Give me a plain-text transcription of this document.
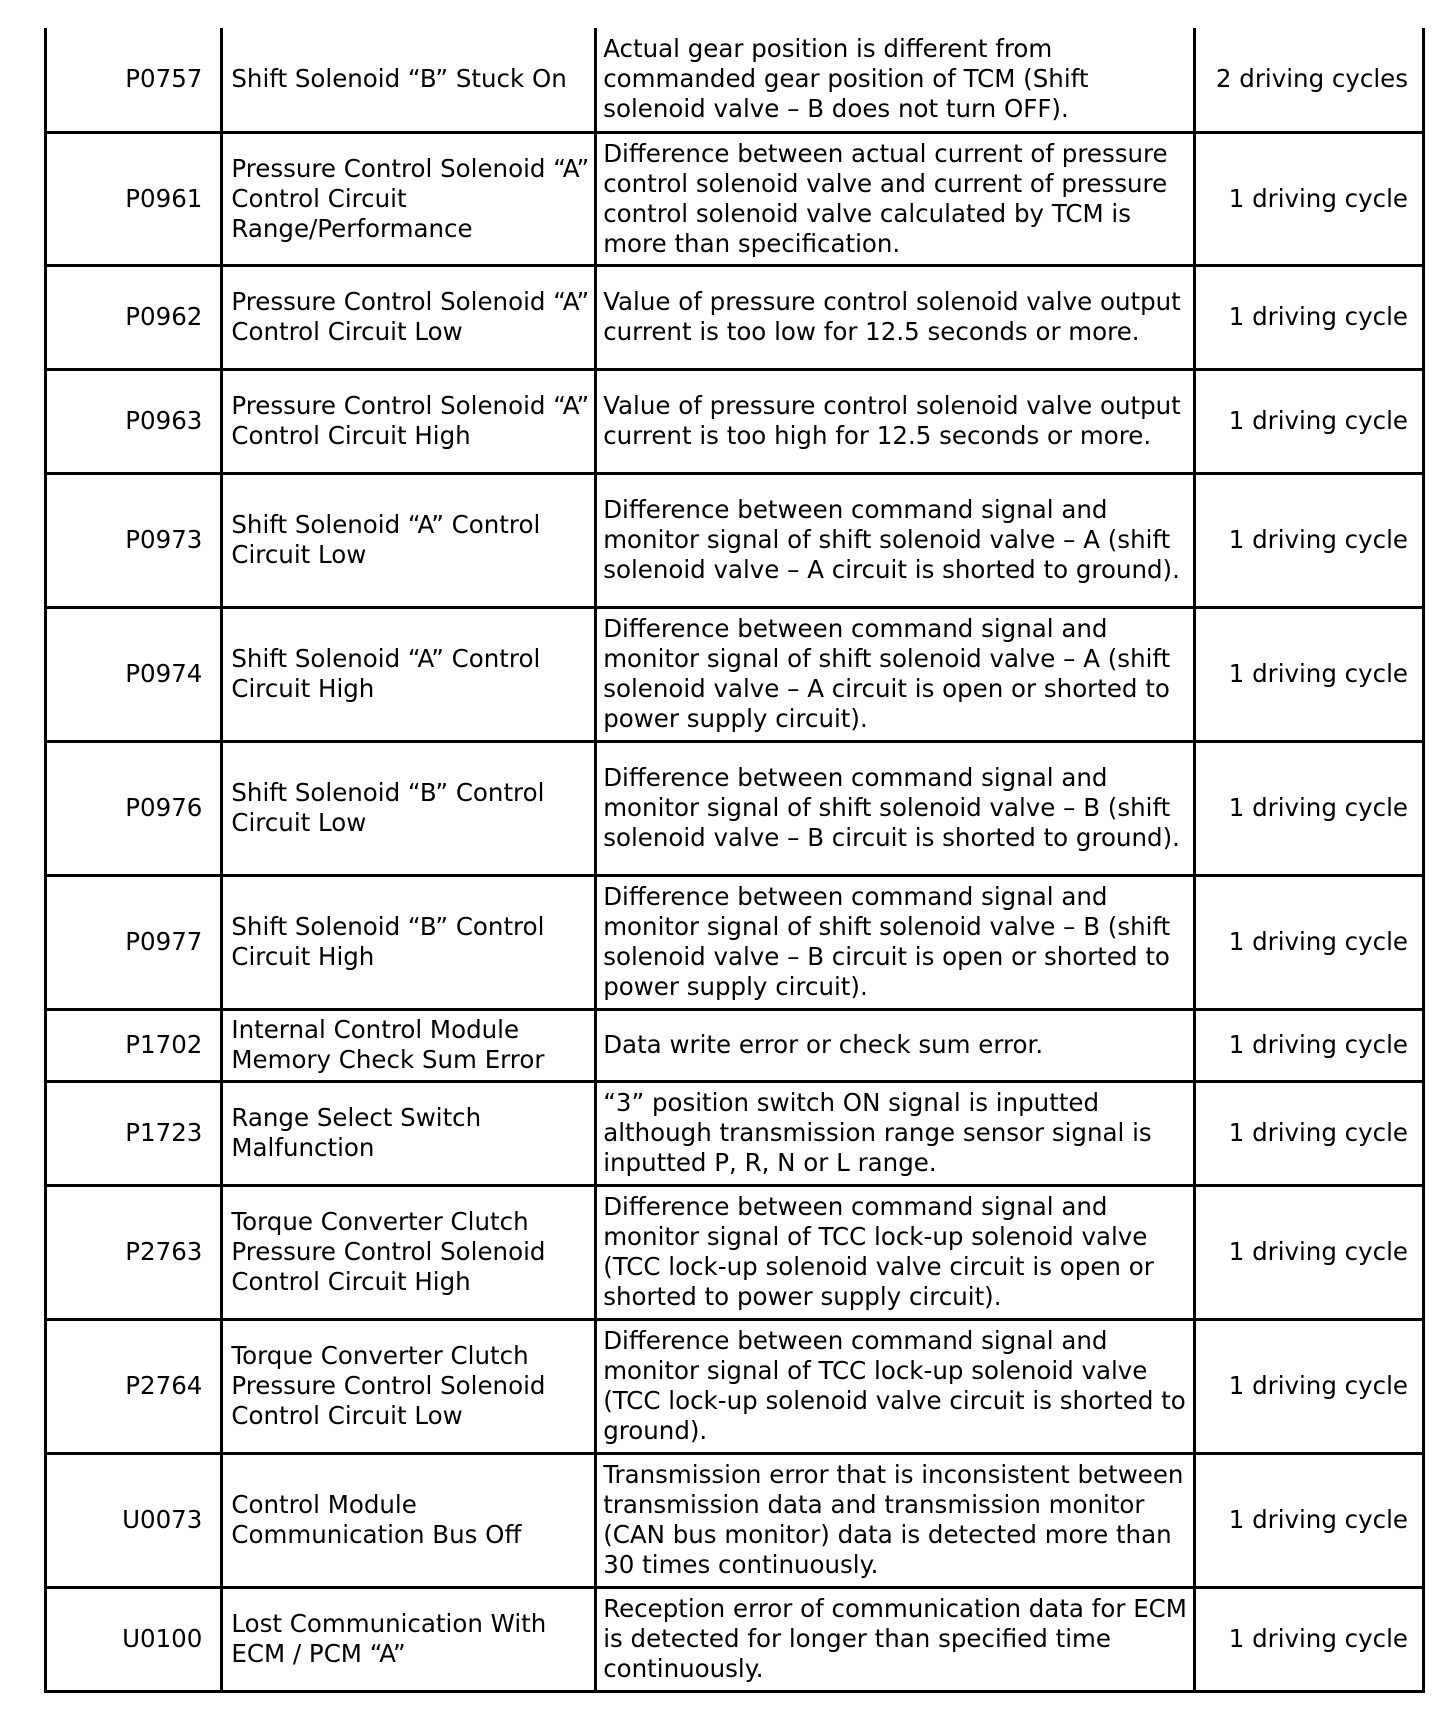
P0757	Shift Solenoid “B” Stuck On	Actual gear position is different from commanded gear position of TCM (Shift solenoid valve – B does not turn OFF).	2 driving cycles
P0961	Pressure Control Solenoid “A” Control Circuit Range/Performance	Difference between actual current of pressure control solenoid valve and current of pressure control solenoid valve calculated by TCM is more than specification.	1 driving cycle
P0962	Pressure Control Solenoid “A” Control Circuit Low	Value of pressure control solenoid valve output current is too low for 12.5 seconds or more.	1 driving cycle
P0963	Pressure Control Solenoid “A” Control Circuit High	Value of pressure control solenoid valve output current is too high for 12.5 seconds or more.	1 driving cycle
P0973	Shift Solenoid “A” Control Circuit Low	Difference between command signal and monitor signal of shift solenoid valve – A (shift solenoid valve – A circuit is shorted to ground).	1 driving cycle
P0974	Shift Solenoid “A” Control Circuit High	Difference between command signal and monitor signal of shift solenoid valve – A (shift solenoid valve – A circuit is open or shorted to power supply circuit).	1 driving cycle
P0976	Shift Solenoid “B” Control Circuit Low	Difference between command signal and monitor signal of shift solenoid valve – B (shift solenoid valve – B circuit is shorted to ground).	1 driving cycle
P0977	Shift Solenoid “B” Control Circuit High	Difference between command signal and monitor signal of shift solenoid valve – B (shift solenoid valve – B circuit is open or shorted to power supply circuit).	1 driving cycle
P1702	Internal Control Module Memory Check Sum Error	Data write error or check sum error.	1 driving cycle
P1723	Range Select Switch Malfunction	“3” position switch ON signal is inputted although transmission range sensor signal is inputted P, R, N or L range.	1 driving cycle
P2763	Torque Converter Clutch Pressure Control Solenoid Control Circuit High	Difference between command signal and monitor signal of TCC lock-up solenoid valve (TCC lock-up solenoid valve circuit is open or shorted to power supply circuit).	1 driving cycle
P2764	Torque Converter Clutch Pressure Control Solenoid Control Circuit Low	Difference between command signal and monitor signal of TCC lock-up solenoid valve (TCC lock-up solenoid valve circuit is shorted to ground).	1 driving cycle
U0073	Control Module Communication Bus Off	Transmission error that is inconsistent between transmission data and transmission monitor (CAN bus monitor) data is detected more than 30 times continuously.	1 driving cycle
U0100	Lost Communication With ECM / PCM “A”	Reception error of communication data for ECM is detected for longer than specified time continuously.	1 driving cycle
